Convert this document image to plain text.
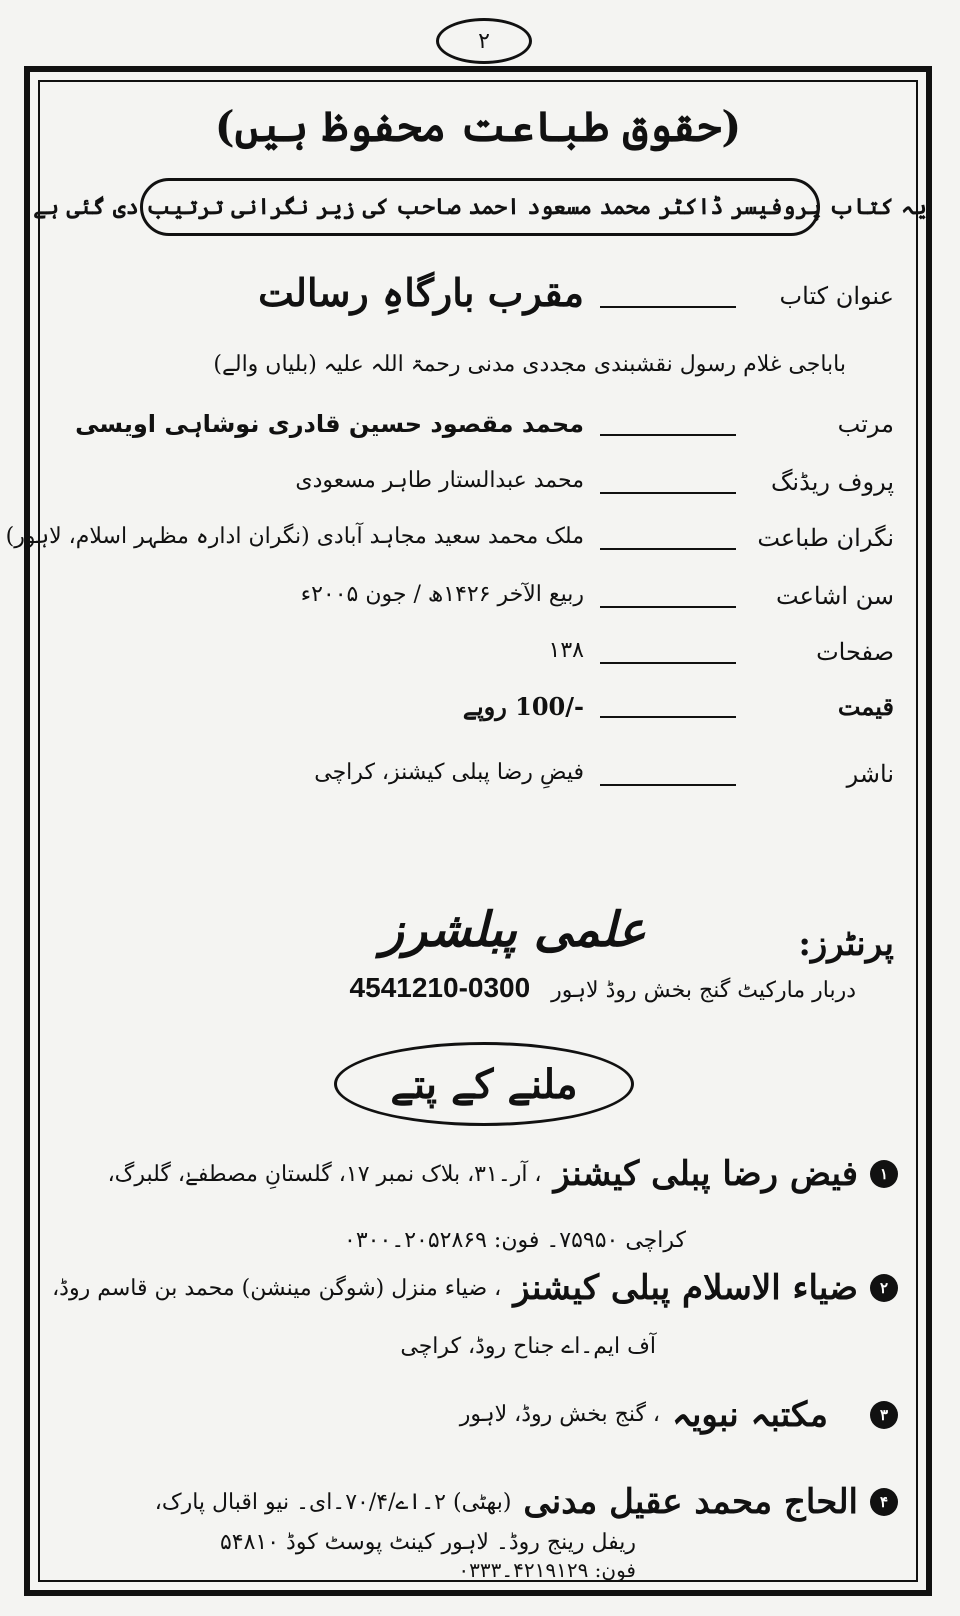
۲
(حقوق طباعت محفوظ ہیں)
یہ کتاب پروفیسر ڈاکٹر محمد مسعود احمد صاحب کی زیر نگرانی ترتیب دی گئی ہے
عنوان کتاب
مقرب بارگاہِ رسالت
باباجی غلام رسول نقشبندی مجددی مدنی رحمۃ اللہ علیہ (بلیاں والے)
مرتب
محمد مقصود حسین قادری نوشاہی اویسی
پروف ریڈنگ
محمد عبدالستار طاہر مسعودی
نگران طباعت
ملک محمد سعید مجاہد آبادی (نگران ادارہ مظہر اسلام، لاہور)
سن اشاعت
ربیع الآخر ۱۴۲۶ھ / جون ۲۰۰۵ء
صفحات
۱۳۸
قیمت
-/100 روپے
ناشر
فیضِ رضا پبلی کیشنز، کراچی
پرنٹرز:
علمی پبلشرز
دربار مارکیٹ گنج بخش روڈ لاہور   0300-4541210
ملنے کے پتے
۱
فیض رضا پبلی کیشنز
، آر۔۳۱، بلاک نمبر ۱۷، گلستانِ مصطفےٰ، گلبرگ،
کراچی ۷۵۹۵۰۔ فون: ۲۰۵۲۸۶۹۔۰۳۰۰
۲
ضیاء الاسلام پبلی کیشنز
، ضیاء منزل (شوگن مینشن) محمد بن قاسم روڈ،
آف ایم۔اے جناح روڈ، کراچی
۳
مکتبہ نبویہ
، گنج بخش روڈ، لاہور
۴
الحاج محمد عقیل مدنی
(بھٹی) ۲۔اے/۷۰/۴۔ای۔ نیو اقبال پارک،
ریفل رینج روڈ۔ لاہور کینٹ پوسٹ کوڈ ۵۴۸۱۰
فون: ۴۲۱۹۱۲۹۔۰۳۳۳
